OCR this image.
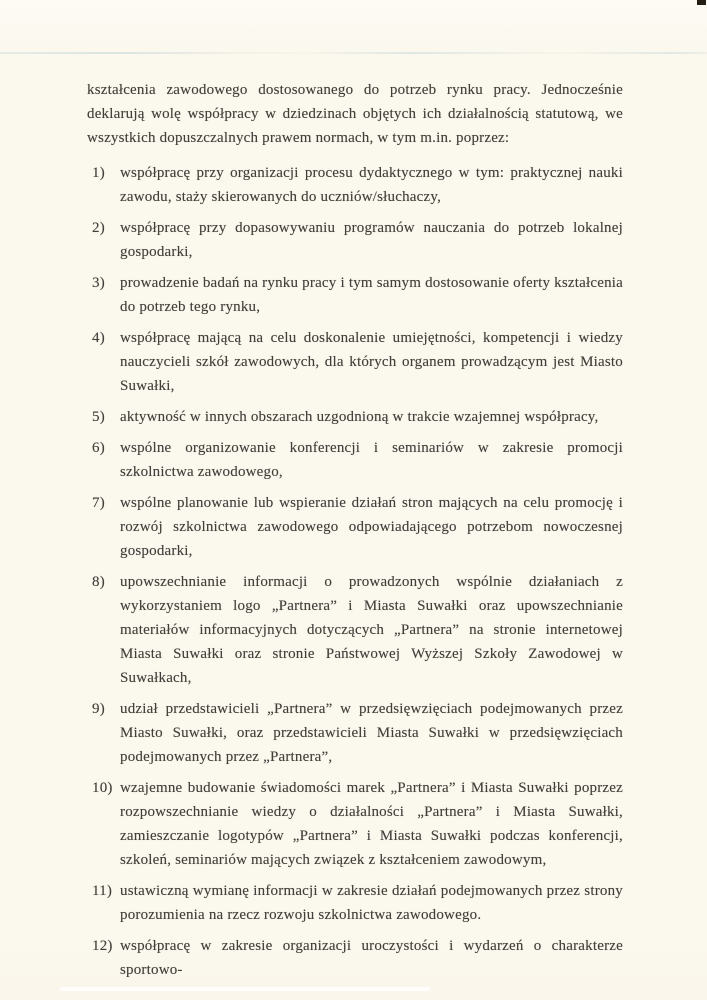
kształcenia zawodowego dostosowanego do potrzeb rynku pracy. Jednocześnie deklarują wolę współpracy w dziedzinach objętych ich działalnością statutową, we wszystkich dopuszczalnych prawem normach, w tym m.in. poprzez:

1)	współpracę przy organizacji procesu dydaktycznego w tym: praktycznej nauki zawodu, staży skierowanych do uczniów/słuchaczy,
2)	współpracę przy dopasowywaniu programów nauczania do potrzeb lokalnej gospodarki,
3)	prowadzenie badań na rynku pracy i tym samym dostosowanie oferty kształcenia do potrzeb tego rynku,
4)	współpracę mającą na celu doskonalenie umiejętności, kompetencji i wiedzy nauczycieli szkół zawodowych, dla których organem prowadzącym jest Miasto Suwałki,
5)	aktywność w innych obszarach uzgodnioną w trakcie wzajemnej współpracy,
6)	wspólne organizowanie konferencji i seminariów w zakresie promocji szkolnictwa zawodowego,
7)	wspólne planowanie lub wspieranie działań stron mających na celu promocję i rozwój szkolnictwa zawodowego odpowiadającego potrzebom nowoczesnej gospodarki,
8)	upowszechnianie informacji o prowadzonych wspólnie działaniach z wykorzystaniem logo „Partnera” i Miasta Suwałki oraz upowszechnianie materiałów informacyjnych dotyczących „Partnera” na stronie internetowej Miasta Suwałki oraz stronie Państwowej Wyższej Szkoły Zawodowej w Suwałkach,
9)	udział przedstawicieli „Partnera” w przedsięwzięciach podejmowanych przez Miasto Suwałki, oraz przedstawicieli Miasta Suwałki w przedsięwzięciach podejmowanych przez „Partnera”,
10) wzajemne budowanie świadomości marek „Partnera” i Miasta Suwałki poprzez rozpowszechnianie wiedzy o działalności „Partnera” i Miasta Suwałki, zamieszczanie logotypów „Partnera” i Miasta Suwałki podczas konferencji, szkoleń, seminariów mających związek z kształceniem zawodowym,
11) ustawiczną wymianę informacji w zakresie działań podejmowanych przez strony porozumienia na rzecz rozwoju szkolnictwa zawodowego.
12) współpracę w zakresie organizacji uroczystości i wydarzeń o charakterze sportowo-
